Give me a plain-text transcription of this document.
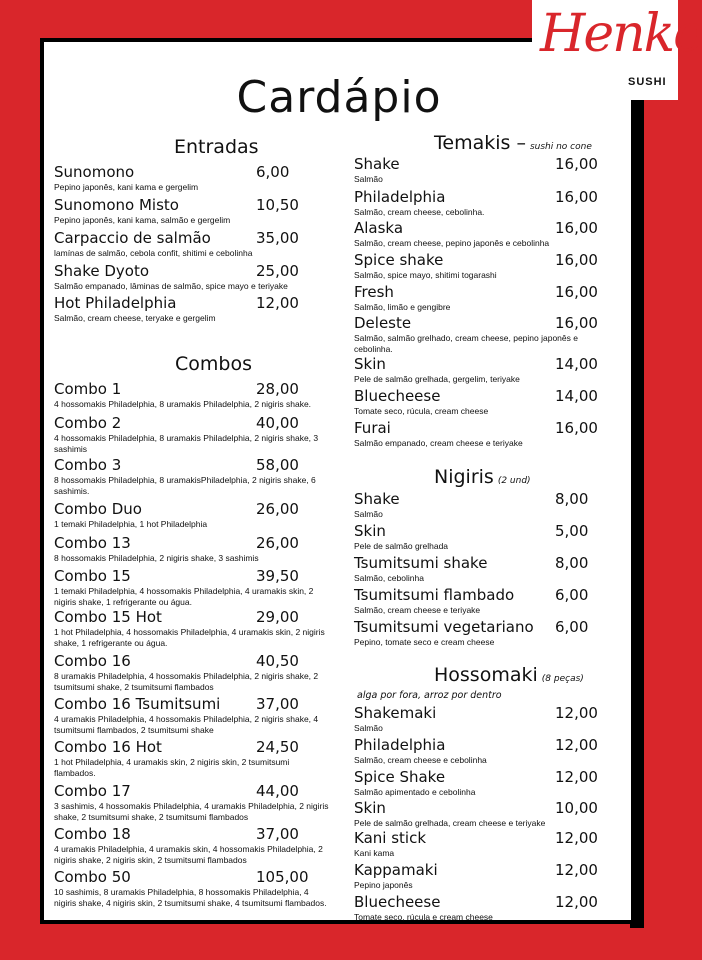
Henko
SUSHI
Cardápio
Entradas
Sunomono	6,00
Pepino japonês, kani kama e gergelim
Sunomono Misto	10,50
Pepino japonês, kani kama, salmão e gergelim
Carpaccio de salmão	35,00
lamínas de salmão, cebola confit, shitimi e cebolinha
Shake Dyoto	25,00
Salmão empanado, lâminas de salmão, spice mayo e teriyake
Hot Philadelphia	12,00
Salmão, cream cheese, teryake e gergelim
Combos
Combo 1	28,00
4 hossomakis Philadelphia, 8 uramakis Philadelphia, 2 nigiris shake.
Combo 2	40,00
4 hossomakis Philadelphia, 8 uramakis Philadelphia, 2 nigiris shake, 3 sashimis
Combo 3	58,00
8 hossomakis Philadelphia, 8 uramakisPhiladelphia, 2 nigiris shake, 6 sashimis.
Combo Duo	26,00
1 temaki Philadelphia, 1 hot Philadelphia
Combo 13	26,00
8 hossomakis Philadelphia, 2 nigiris shake, 3 sashimis
Combo 15	39,50
1 temaki Philadelphia, 4 hossomakis Philadelphia, 4 uramakis skin, 2 nigiris shake, 1 refrigerante ou água.
Combo 15 Hot	29,00
1 hot Philadelphia, 4 hossomakis Philadelphia, 4 uramakis skin, 2 nigiris shake, 1 refrigerante ou água.
Combo 16	40,50
8 uramakis Philadelphia, 4 hossomakis Philadelphia, 2 nigiris shake, 2 tsumitsumi shake, 2 tsumitsumi flambados
Combo 16 Tsumitsumi 37,00
4 uramakis Philadelphia, 4 hossomakis Philadelphia, 2 nigiris shake, 4 tsumitsumi flambados, 2 tsumitsumi shake
Combo 16 Hot	24,50
1 hot Philadelphia, 4 uramakis skin, 2 nigiris skin, 2 tsumitsumi flambados.
Combo 17	44,00
3 sashimis, 4 hossomakis Philadelphia, 4 uramakis Philadelphia, 2 nigiris shake, 2 tsumitsumi shake, 2 tsumitsumi flambados
Combo 18	37,00
4 uramakis Philadelphia, 4 uramakis skin, 4 hossomakis Philadelphia, 2 nigiris shake, 2 nigiris skin, 2 tsumitsumi flambados
Combo 50	105,00
10 sashimis, 8 uramakis Philadelphia, 8 hossomakis Philadelphia, 4 nigiris shake, 4 nigiris skin, 2 tsumitsumi shake, 4 tsumitsumi flambados.
Temakis – sushi no cone
Shake	16,00
Salmão
Philadelphia	16,00
Salmão, cream cheese, cebolinha.
Alaska	16,00
Salmão, cream cheese, pepino japonês e cebolinha
Spice shake	16,00
Salmão, spice mayo, shitimi togarashi
Fresh	16,00
Salmão, limão e gengibre
Deleste	16,00
Salmão, salmão grelhado, cream cheese, pepino japonês e cebolinha.
Skin	14,00
Pele de salmão grelhada, gergelim, teriyake
Bluecheese	14,00
Tomate seco, rúcula, cream cheese
Furai	16,00
Salmão empanado, cream cheese e teriyake
Nigiris (2 und)
Shake	8,00
Salmão
Skin	5,00
Pele de salmão grelhada
Tsumitsumi shake	8,00
Salmão, cebolinha
Tsumitsumi flambado	6,00
Salmão, cream cheese e teriyake
Tsumitsumi vegetariano 6,00
Pepino, tomate seco e cream cheese
Hossomaki (8 peças)
alga por fora, arroz por dentro
Shakemaki	12,00
Salmão
Philadelphia	12,00
Salmão, cream cheese e cebolinha
Spice Shake	12,00
Salmão apimentado e cebolinha
Skin	10,00
Pele de salmão grelhada, cream cheese e teriyake
Kani stick	12,00
Kani kama
Kappamaki	12,00
Pepino japonês
Bluecheese	12,00
Tomate seco, rúcula e cream cheese
